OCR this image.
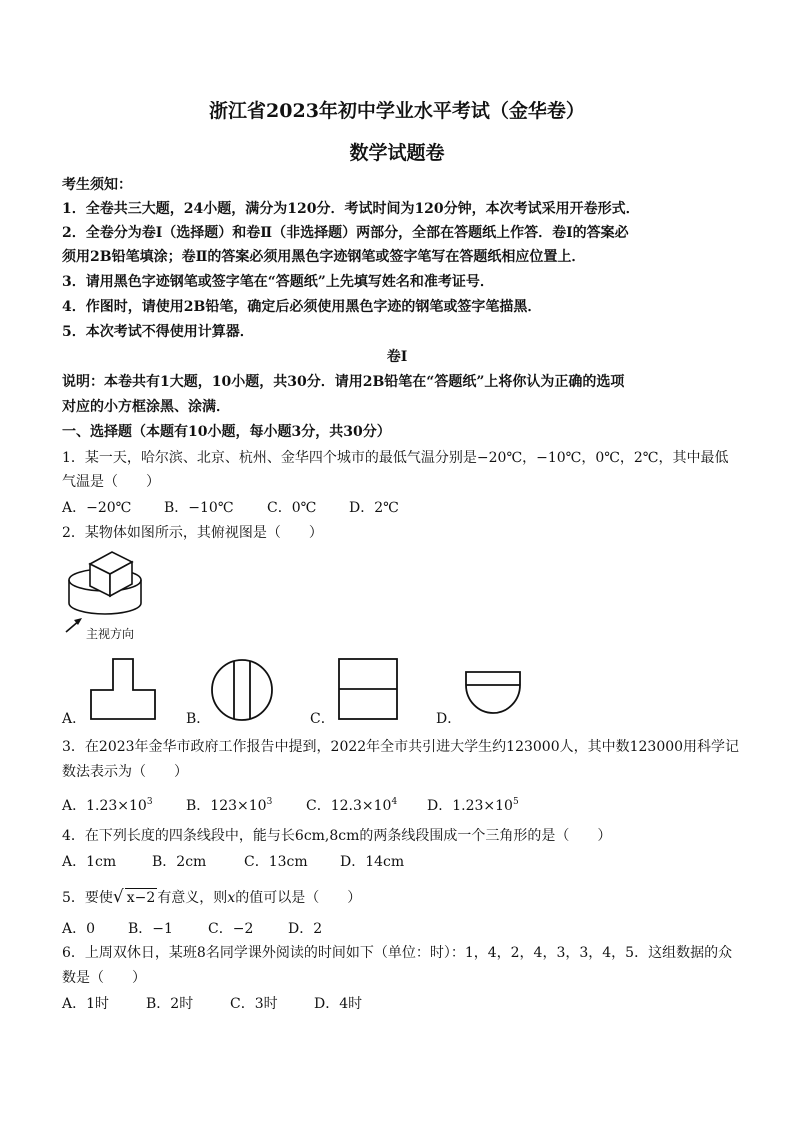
浙江省2023年初中学业水平考试（金华卷）
数学试题卷
考生须知：
1．全卷共三大题，24小题，满分为120分．考试时间为120分钟，本次考试采用开卷形式．
2．全卷分为卷Ⅰ（选择题）和卷Ⅱ（非选择题）两部分，全部在答题纸上作答．卷Ⅰ的答案必
须用2B铅笔填涂；卷Ⅱ的答案必须用黑色字迹钢笔或签字笔写在答题纸相应位置上．
3．请用黑色字迹钢笔或签字笔在“答题纸”上先填写姓名和准考证号．
4．作图时，请使用2B铅笔，确定后必须使用黑色字迹的钢笔或签字笔描黑．
5．本次考试不得使用计算器．
卷Ⅰ
说明：本卷共有1大题，10小题，共30分．请用2B铅笔在“答题纸”上将你认为正确的选项
对应的小方框涂黑、涂满．
一、选择题（本题有10小题，每小题3分，共30分）
1．某一天，哈尔滨、北京、杭州、金华四个城市的最低气温分别是−20℃，−10℃，0℃，2℃，其中最低
气温是（　　）
A．−20℃ B．−10℃ C．0℃ D．2℃
2．某物体如图所示，其俯视图是（　　）
主视方向
A．	B．	C．	D．
3．在2023年金华市政府工作报告中提到，2022年全市共引进大学生约123000人，其中数123000用科学记
数法表示为（　　）
A．$1.23\times 10^3$ B．$123\times 10^3$ C．$12.3\times 10^4$ D．$1.23\times 10^5$
4．在下列长度的四条线段中，能与长6cm,8cm的两条线段围成一个三角形的是（　　）
A．1cm	B．2cm	C．13cm D．14cm
5．要使√ x−2 有意义，则x的值可以是（　　）
A．0 B．−1	C．−2 D．2
6．上周双休日，某班8名同学课外阅读的时间如下（单位：时）：1，4，2，4，3，3，4，5．这组数据的众
数是（　　）
A．1时	B．2时	C．3时	D．4时
